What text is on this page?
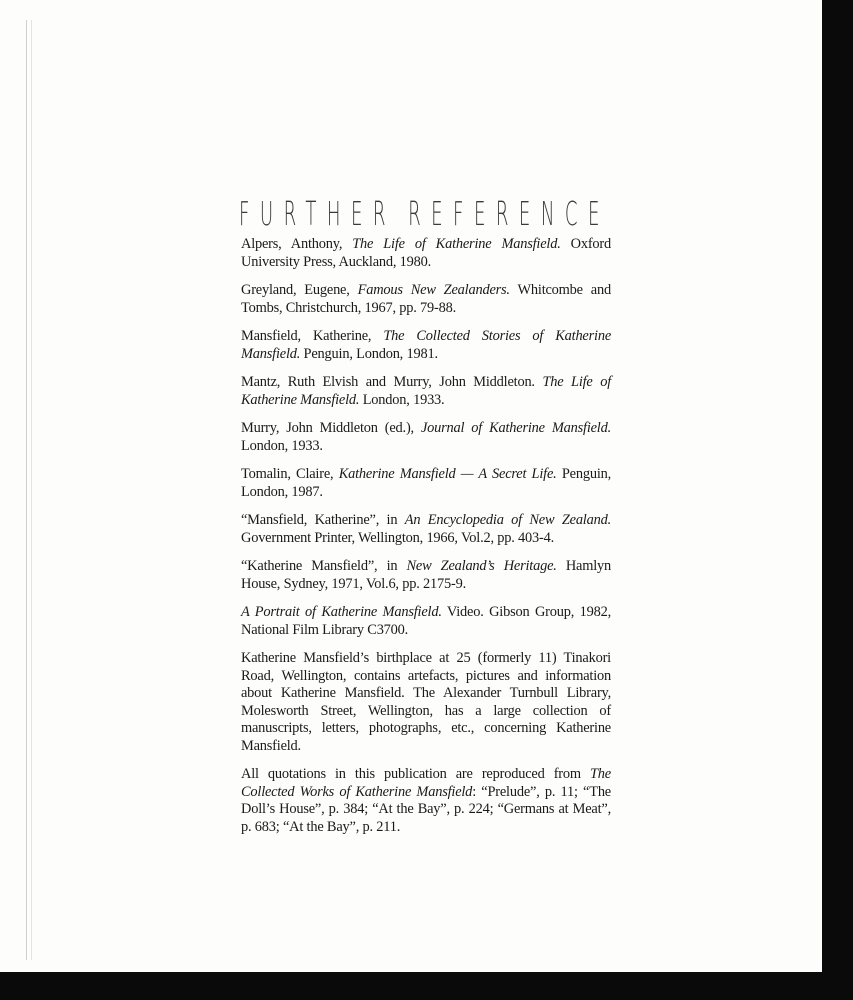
FURTHER REFERENCE

Alpers, Anthony, The Life of Katherine Mansfield. Oxford University Press, Auckland, 1980.

Greyland, Eugene, Famous New Zealanders. Whitcombe and Tombs, Christchurch, 1967, pp. 79-88.

Mansfield, Katherine, The Collected Stories of Katherine Mansfield. Penguin, London, 1981.

Mantz, Ruth Elvish and Murry, John Middleton. The Life of Katherine Mansfield. London, 1933.

Murry, John Middleton (ed.), Journal of Katherine Mansfield. London, 1933.

Tomalin, Claire, Katherine Mansfield — A Secret Life. Penguin, London, 1987.

“Mansfield, Katherine”, in An Encyclopedia of New Zealand. Government Printer, Wellington, 1966, Vol.2, pp. 403-4.

“Katherine Mansfield”, in New Zealand’s Heritage. Hamlyn House, Sydney, 1971, Vol.6, pp. 2175-9.

A Portrait of Katherine Mansfield. Video. Gibson Group, 1982, National Film Library C3700.

Katherine Mansfield’s birthplace at 25 (formerly 11) Tinakori Road, Wellington, contains artefacts, pictures and information about Katherine Mansfield. The Alexander Turnbull Library, Molesworth Street, Wellington, has a large collection of manuscripts, letters, photographs, etc., concerning Katherine Mansfield.

All quotations in this publication are reproduced from The Collected Works of Katherine Mansfield: “Prelude”, p. 11; “The Doll’s House”, p. 384; “At the Bay”, p. 224; “Germans at Meat”, p. 683; “At the Bay”, p. 211.
